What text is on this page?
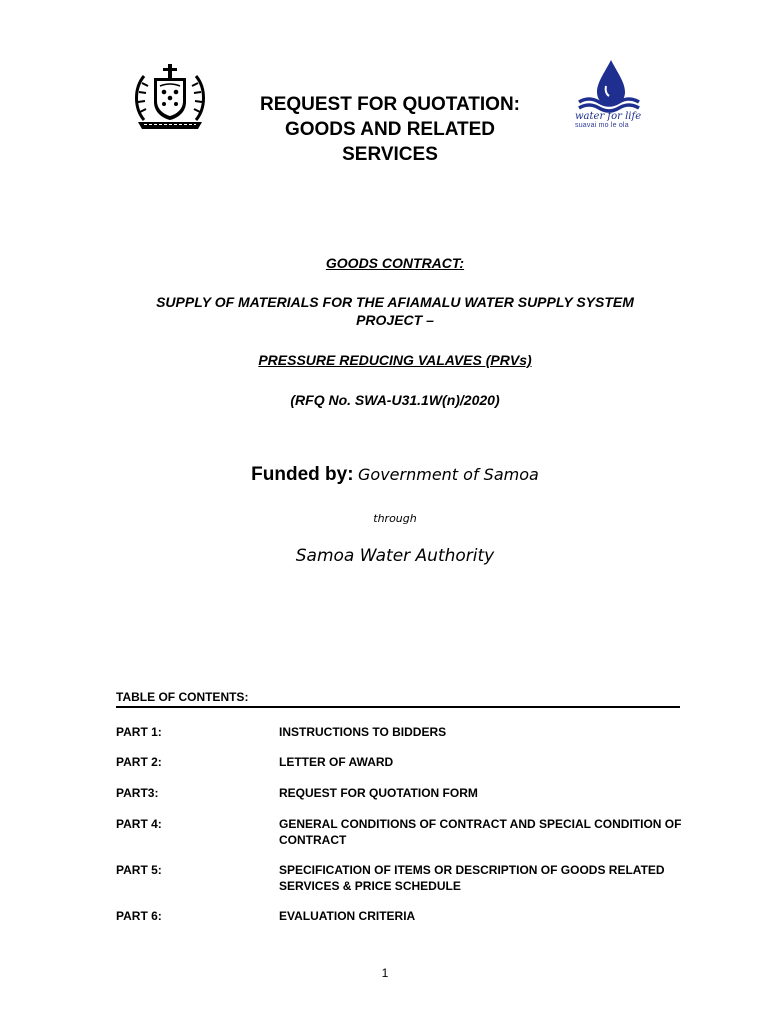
water for life
suavai mo le ola
REQUEST FOR QUOTATION:
GOODS AND RELATED
SERVICES
GOODS CONTRACT:
SUPPLY OF MATERIALS FOR THE AFIAMALU WATER SUPPLY SYSTEM
PROJECT –
PRESSURE REDUCING VALAVES (PRVs)
(RFQ No. SWA-U31.1W(n)/2020)
Funded by: Government of Samoa
through
Samoa Water Authority
TABLE OF CONTENTS:
PART 1:	INSTRUCTIONS TO BIDDERS
PART 2:	LETTER OF AWARD
PART3:	REQUEST FOR QUOTATION FORM
PART 4:	GENERAL CONDITIONS OF CONTRACT AND SPECIAL CONDITION OF
CONTRACT
PART 5:	SPECIFICATION OF ITEMS OR DESCRIPTION OF GOODS RELATED
SERVICES & PRICE SCHEDULE
PART 6:	EVALUATION CRITERIA
1
